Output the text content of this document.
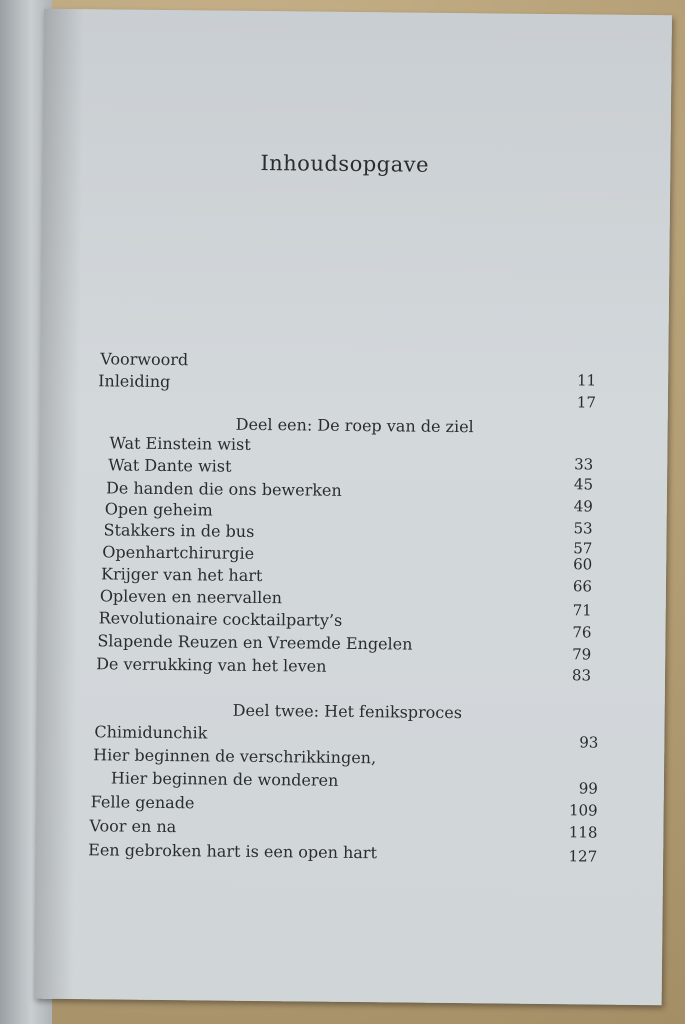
Inhoudsopgave
Voorwoord
Inleiding	11
17
Deel een: De roep van de ziel
Wat Einstein wist
Wat Dante wist
De handen die ons bewerken
Open geheim
Stakkers in de bus
Openhartchirurgie
Krijger van het hart
Opleven en neervallen
Revolutionaire cocktailparty’s
Slapende Reuzen en Vreemde Engelen
De verrukking van het leven
33
45
49
53
57
60
66
71
76
79
83
Deel twee: Het feniksproces
Chimidunchik
Hier beginnen de verschrikkingen,
Hier beginnen de wonderen
Felle genade
Voor en na
Een gebroken hart is een open hart
93
99
109
118
127
